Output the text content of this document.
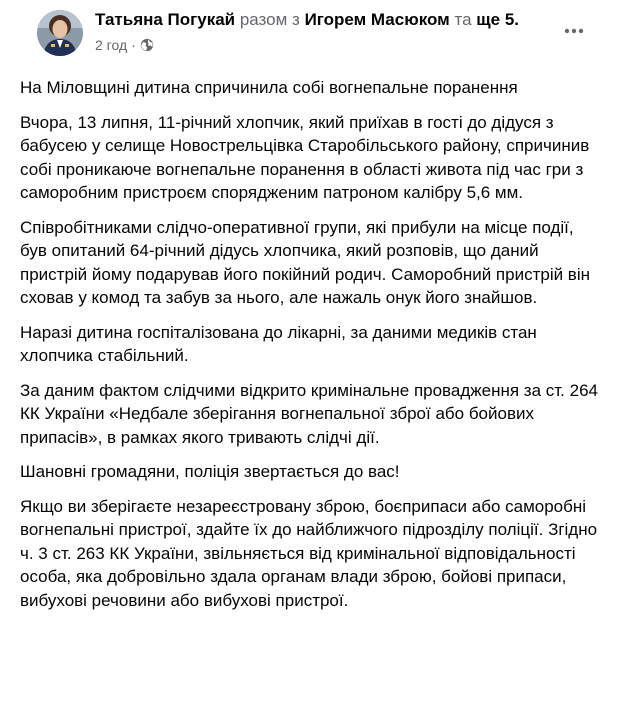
Татьяна Погукай разом з Игорем Масюком та ще 5.
2 год ·

На Міловщині дитина спричинила собі вогнепальне поранення

Вчора, 13 липня, 11-річний хлопчик, який приїхав в гості до дідуся з бабусею у селище Новострельцівка Старобільського району, спричинив собі проникаюче вогнепальне поранення в області живота під час гри з саморобним пристроєм спорядженим патроном калібру 5,6 мм.

Співробітниками слідчо-оперативної групи, які прибули на місце події, був опитаний 64-річний дідусь хлопчика, який розповів, що даний пристрій йому подарував його покійний родич. Саморобний пристрій він сховав у комод та забув за нього, але нажаль онук його знайшов.

Наразі дитина госпіталізована до лікарні, за даними медиків стан хлопчика стабільний.

За даним фактом слідчими відкрито кримінальне провадження за ст. 264 КК України «Недбале зберігання вогнепальної зброї або бойових припасів», в рамках якого тривають слідчі дії.

Шановні громадяни, поліція звертається до вас!

Якщо ви зберігаєте незареєстровану зброю, боєприпаси або саморобні вогнепальні пристрої, здайте їх до найближчого підрозділу поліції. Згідно ч. 3 ст. 263 КК України, звільняється від кримінальної відповідальності особа, яка добровільно здала органам влади зброю, бойові припаси, вибухові речовини або вибухові пристрої.
